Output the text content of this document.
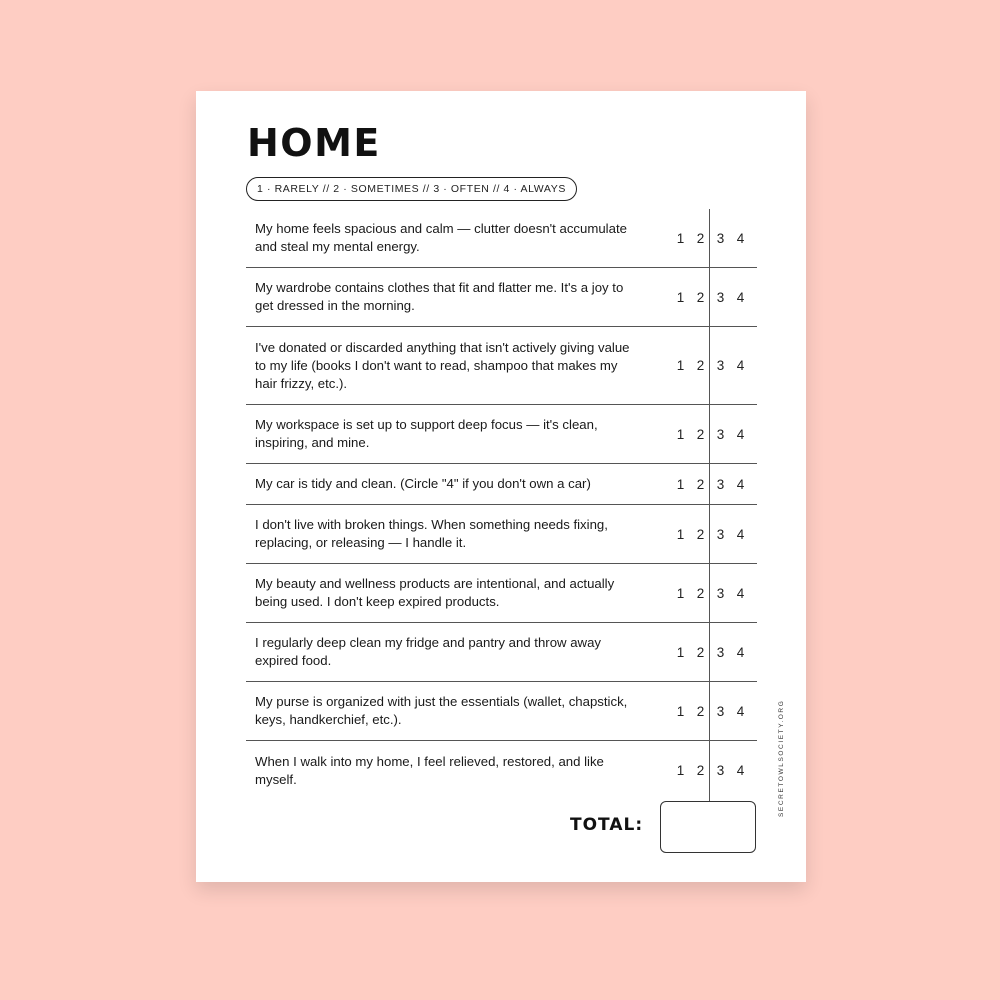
HOME
1 · RARELY // 2 · SOMETIMES // 3 · OFTEN // 4 · ALWAYS
My home feels spacious and calm — clutter doesn't accumulate and steal my mental energy.
1 2 3 4
My wardrobe contains clothes that fit and flatter me. It's a joy to get dressed in the morning.
1 2 3 4
I've donated or discarded anything that isn't actively giving value to my life (books I don't want to read, shampoo that makes my hair frizzy, etc.).
1 2 3 4
My workspace is set up to support deep focus — it's clean, inspiring, and mine.
1 2 3 4
My car is tidy and clean. (Circle "4" if you don't own a car)	1 2 3 4
I don't live with broken things. When something needs fixing, replacing, or releasing — I handle it.
1 2 3 4
My beauty and wellness products are intentional, and actually being used. I don't keep expired products.
1 2 3 4
I regularly deep clean my fridge and pantry and throw away expired food.
1 2 3 4
My purse is organized with just the essentials (wallet, chapstick, keys, handkerchief, etc.).
1 2 3 4
When I walk into my home, I feel relieved, restored, and like myself.
1 2 3 4
TOTAL:
SECRETOWLSOCIETY.ORG
